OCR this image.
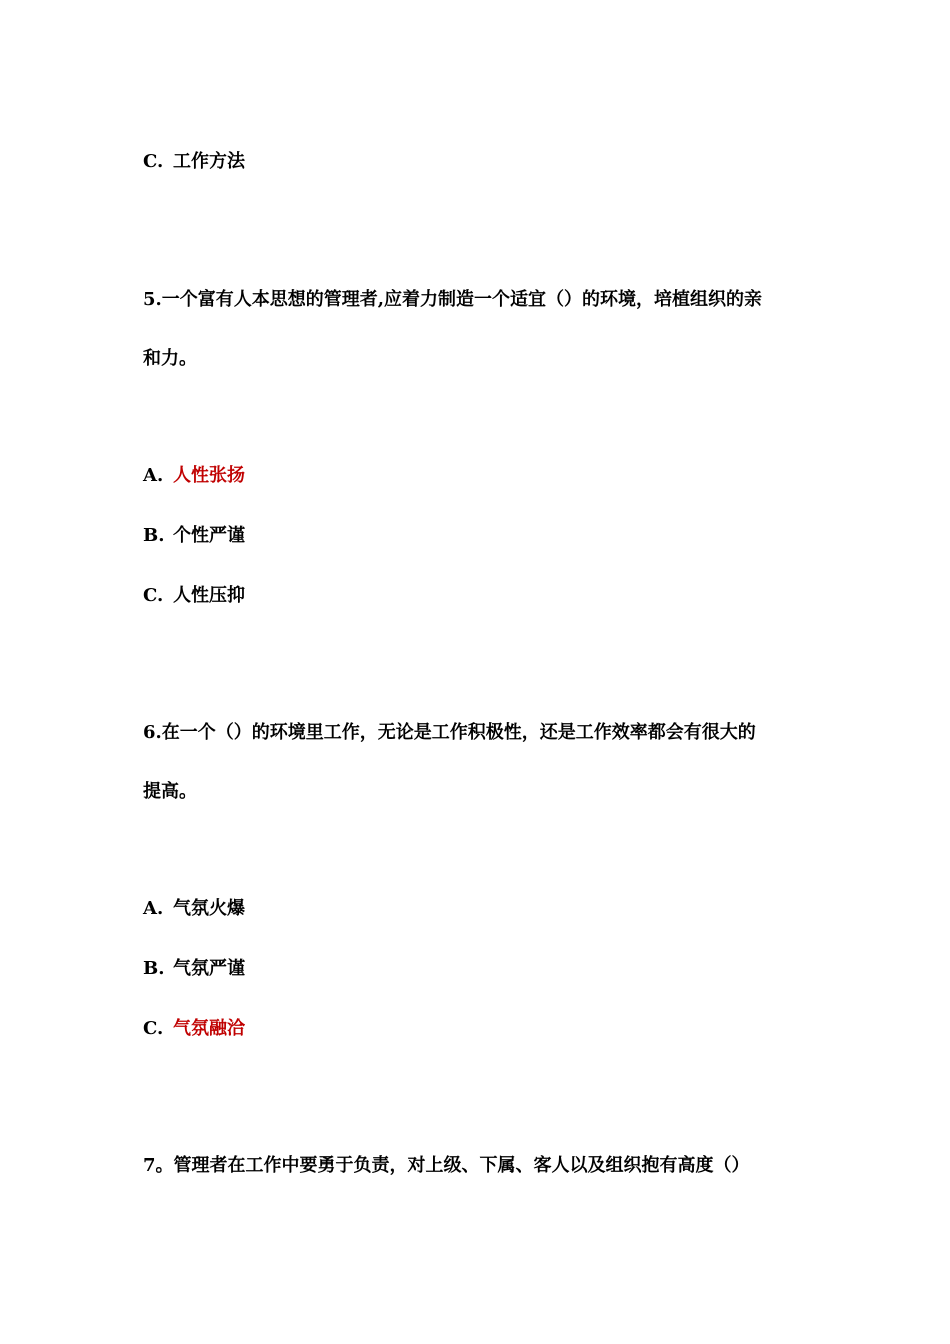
C. 工作方法
5.一个富有人本思想的管理者,应着力制造一个适宜（）的环境，培植组织的亲
和力。
A. 人性张扬
B. 个性严谨
C. 人性压抑
6.在一个（）的环境里工作，无论是工作积极性，还是工作效率都会有很大的
提高。
A. 气氛火爆
B. 气氛严谨
C. 气氛融洽
7。管理者在工作中要勇于负责，对上级、下属、客人以及组织抱有高度（）
